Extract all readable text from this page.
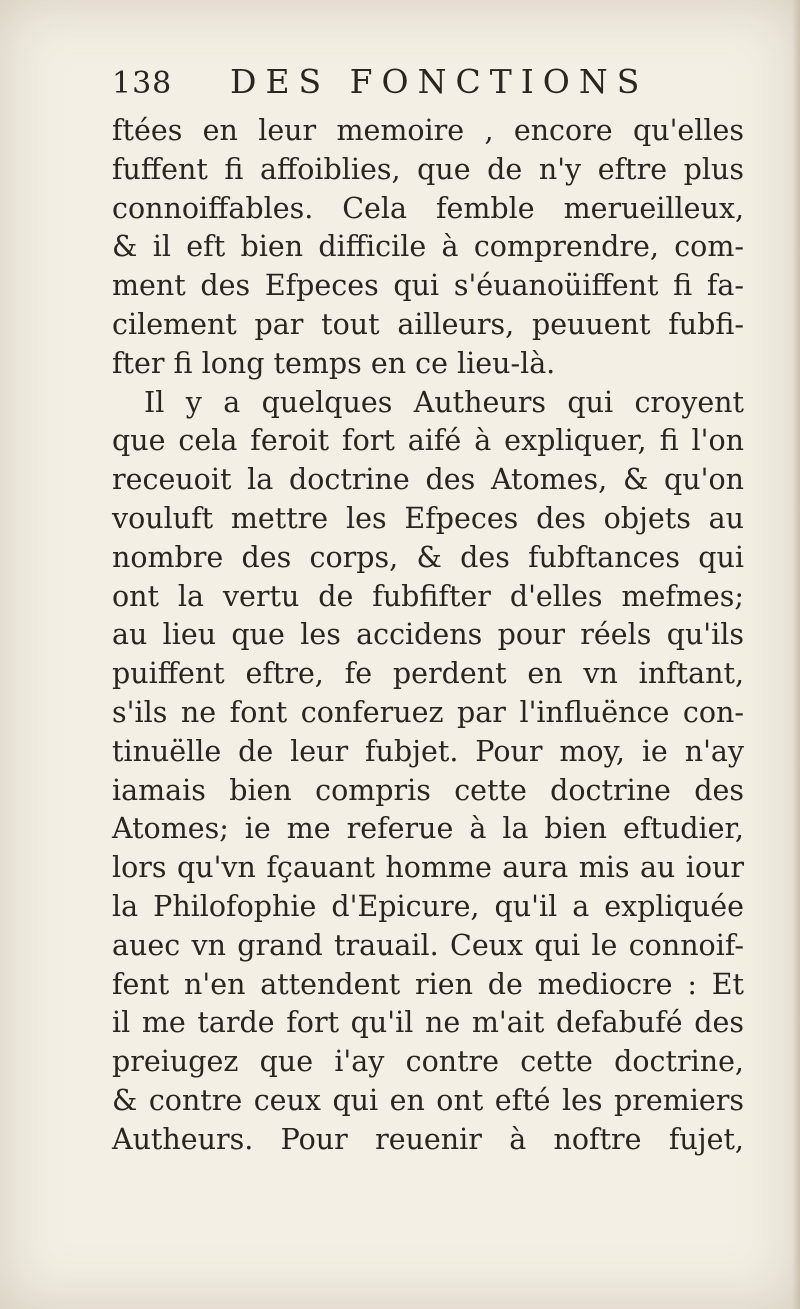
138 DES FONCTIONS
ftées en leur memoire , encore qu'elles
fuffent fi affoiblies, que de n'y eftre plus
connoiffables. Cela femble merueilleux,
& il eft bien difficile à comprendre, com-
ment des Efpeces qui s'éuanoüiffent fi fa-
cilement par tout ailleurs, peuuent fubfi-
fter fi long temps en ce lieu-là.
Il y a quelques Autheurs qui croyent
que cela feroit fort aifé à expliquer, fi l'on
receuoit la doctrine des Atomes, & qu'on
vouluft mettre les Efpeces des objets au
nombre des corps, & des fubftances qui
ont la vertu de fubfifter d'elles mefmes;
au lieu que les accidens pour réels qu'ils
puiffent eftre, fe perdent en vn inftant,
s'ils ne font conferuez par l'influënce con-
tinuëlle de leur fubjet. Pour moy, ie n'ay
iamais bien compris cette doctrine des
Atomes; ie me referue à la bien eftudier,
lors qu'vn fçauant homme aura mis au iour
la Philofophie d'Epicure, qu'il a expliquée
auec vn grand trauail. Ceux qui le connoif-
fent n'en attendent rien de mediocre : Et
il me tarde fort qu'il ne m'ait defabufé des
preiugez que i'ay contre cette doctrine,
& contre ceux qui en ont efté les premiers
Autheurs. Pour reuenir à noftre fujet,
